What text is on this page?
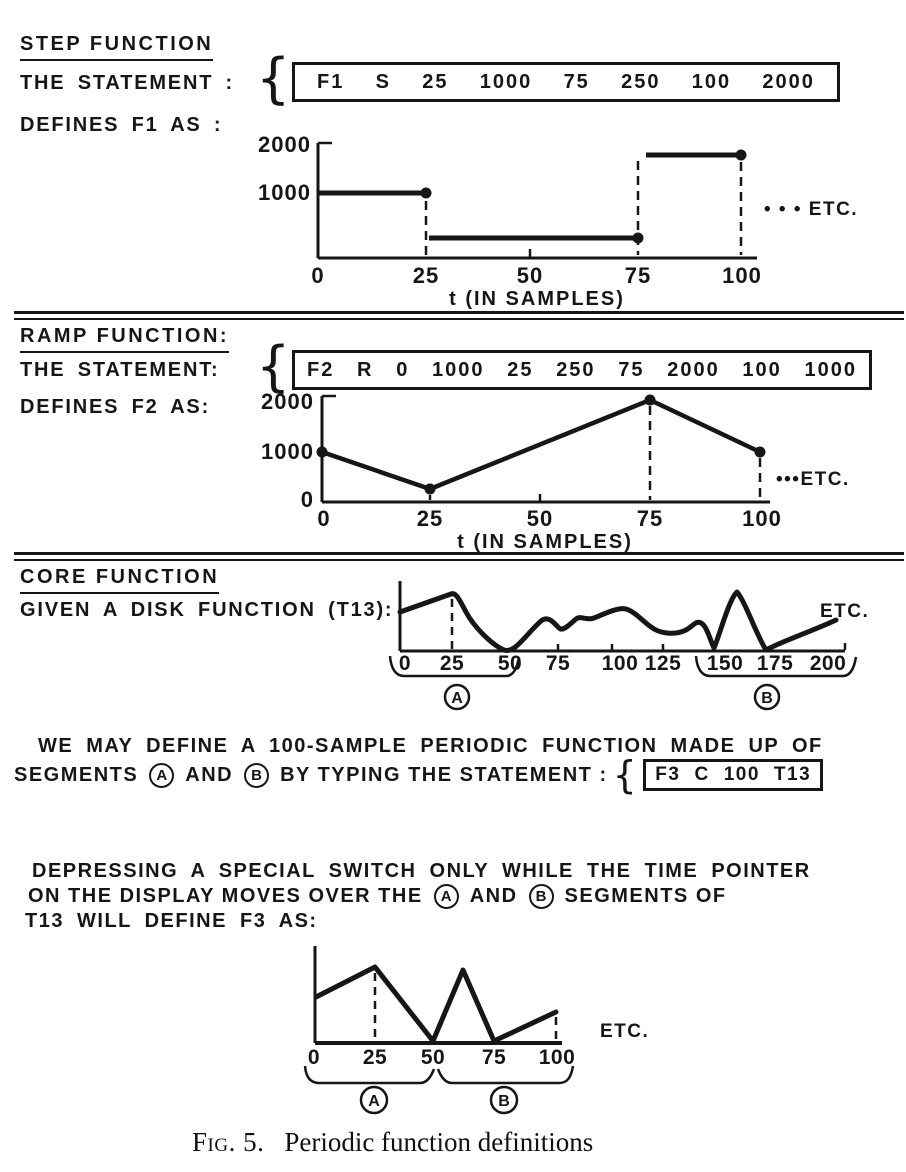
STEP FUNCTION
THE STATEMENT : { F1 S 25 1000 75 250 100 2000
DEFINES F1 AS :
2000
1000
0	25	50	75	100
• • • ETC.
t (IN SAMPLES)
RAMP FUNCTION:
THE STATEMENT: { F2 R 0 1000 25 250 75 2000 100 1000
DEFINES F2 AS: 2000
1000
0
0	25	50	75	100
•••ETC.
t (IN SAMPLES)
CORE FUNCTION
GIVEN A DISK FUNCTION (T13):
0 25 50 75 100 125 150 175 200
A	B
ETC.
WE MAY DEFINE A 100-SAMPLE PERIODIC FUNCTION MADE UP OF
SEGMENTS	A AND	B BY TYPING THE STATEMENT : { F3 C 100 T13
DEPRESSING A SPECIAL SWITCH ONLY WHILE THE TIME POINTER
ON THE DISPLAY MOVES OVER THE	A AND	B SEGMENTS OF
T13 WILL DEFINE F3 AS:
0 25 50 75 100
A	B
ETC.
Fig. 5. Periodic function definitions
